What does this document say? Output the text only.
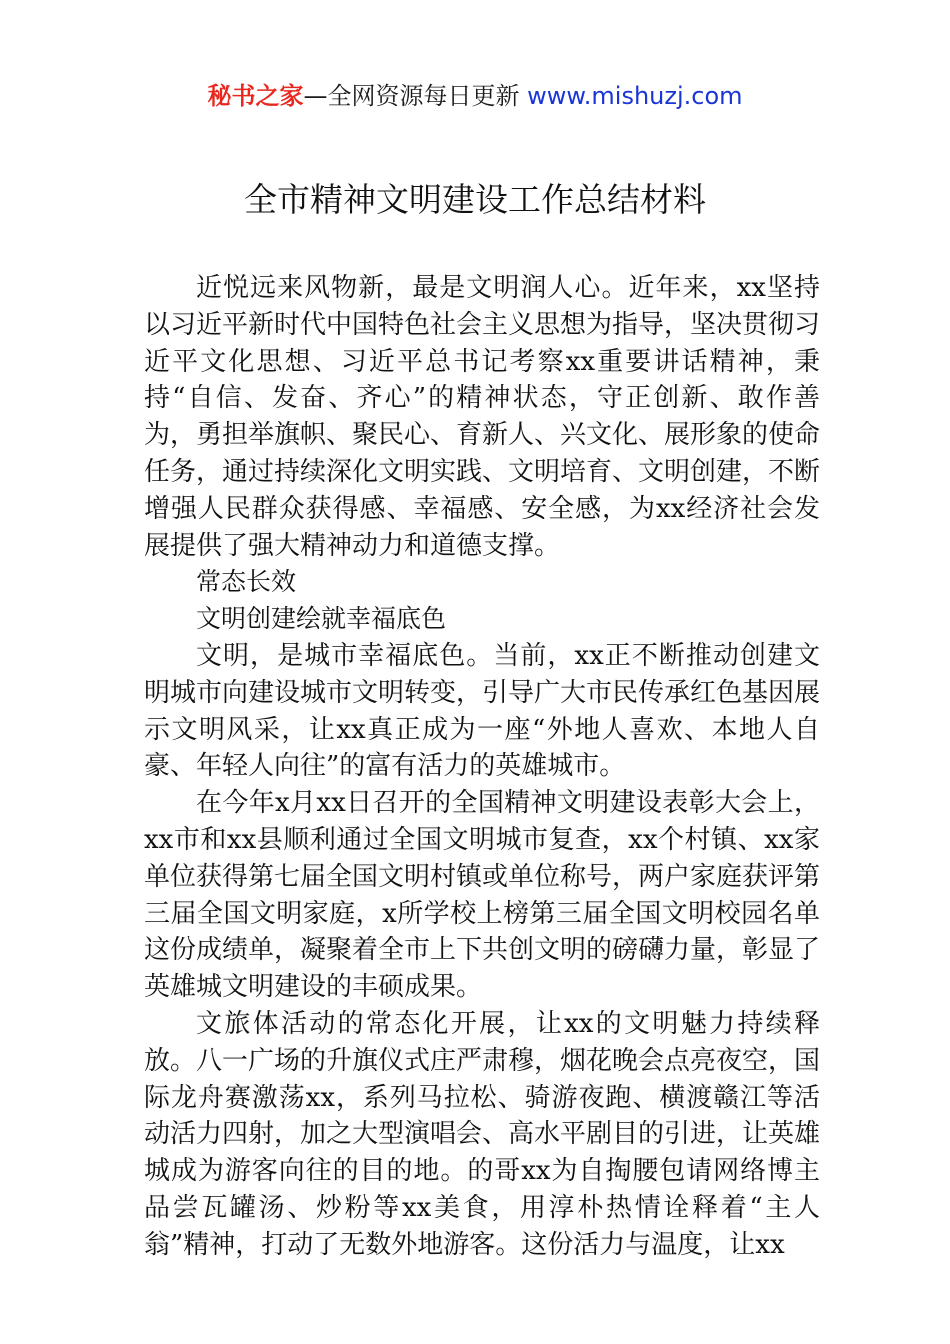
秘书之家—全网资源每日更新 www.mishuzj.com
全市精神文明建设工作总结材料

近悦远来风物新，最是文明润人心。近年来，xx坚持以习近平新时代中国特色社会主义思想为指导，坚决贯彻习近平文化思想、习近平总书记考察xx重要讲话精神，秉持“自信、发奋、齐心”的精神状态，守正创新、敢作善为，勇担举旗帜、聚民心、育新人、兴文化、展形象的使命任务，通过持续深化文明实践、文明培育、文明创建，不断增强人民群众获得感、幸福感、安全感，为xx经济社会发展提供了强大精神动力和道德支撑。

常态长效

文明创建绘就幸福底色

文明，是城市幸福底色。当前，xx正不断推动创建文明城市向建设城市文明转变，引导广大市民传承红色基因展示文明风采，让xx真正成为一座“外地人喜欢、本地人自豪、年轻人向往”的富有活力的英雄城市。

在今年x月xx日召开的全国精神文明建设表彰大会上，xx市和xx县顺利通过全国文明城市复查，xx个村镇、xx家单位获得第七届全国文明村镇或单位称号，两户家庭获评第三届全国文明家庭，x所学校上榜第三届全国文明校园名单这份成绩单，凝聚着全市上下共创文明的磅礴力量，彰显了英雄城文明建设的丰硕成果。

文旅体活动的常态化开展，让xx的文明魅力持续释放。八一广场的升旗仪式庄严肃穆，烟花晚会点亮夜空，国际龙舟赛激荡xx，系列马拉松、骑游夜跑、横渡赣江等活动活力四射，加之大型演唱会、高水平剧目的引进，让英雄城成为游客向往的目的地。的哥xx为自掏腰包请网络博主品尝瓦罐汤、炒粉等xx美食，用淳朴热情诠释着“主人翁”精神，打动了无数外地游客。这份活力与温度，让xx
